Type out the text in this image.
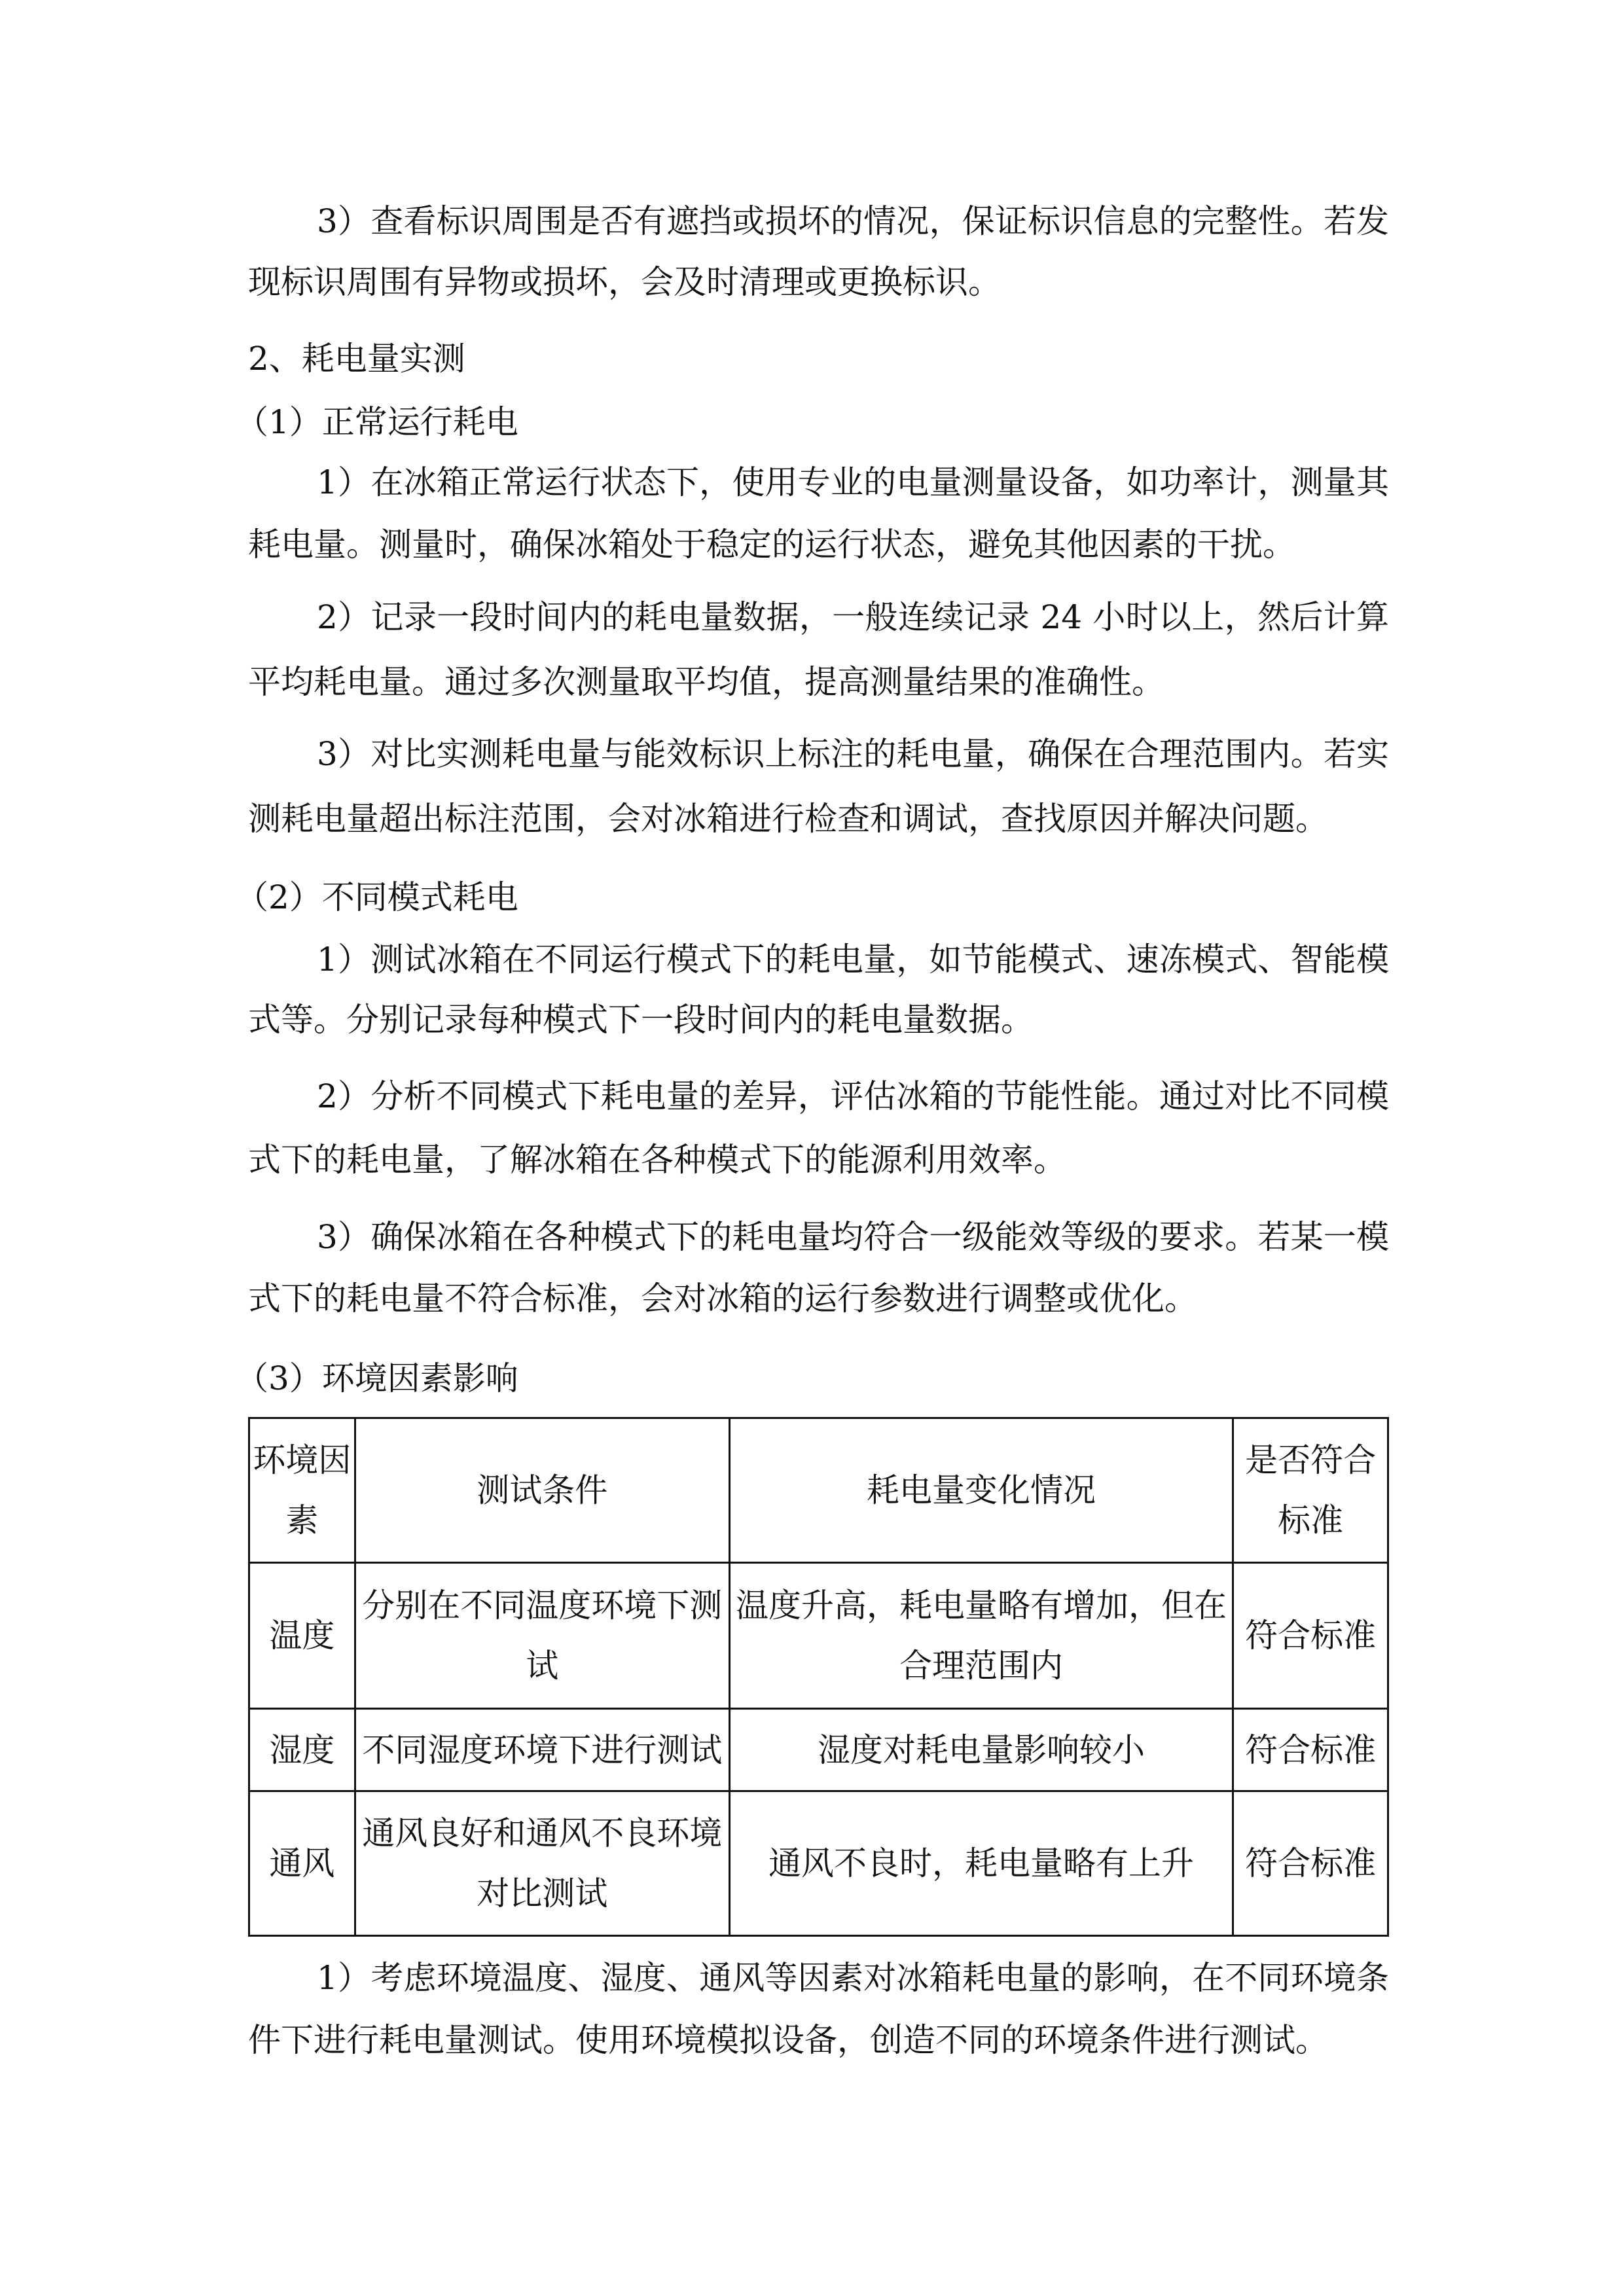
3）查看标识周围是否有遮挡或损坏的情况，保证标识信息的完整性。若发
现标识周围有异物或损坏，会及时清理或更换标识。
2、耗电量实测
（1）正常运行耗电
1）在冰箱正常运行状态下，使用专业的电量测量设备，如功率计，测量其
耗电量。测量时，确保冰箱处于稳定的运行状态，避免其他因素的干扰。
2）记录一段时间内的耗电量数据，一般连续记录 24 小时以上，然后计算
平均耗电量。通过多次测量取平均值，提高测量结果的准确性。
3）对比实测耗电量与能效标识上标注的耗电量，确保在合理范围内。若实
测耗电量超出标注范围，会对冰箱进行检查和调试，查找原因并解决问题。
（2）不同模式耗电
1）测试冰箱在不同运行模式下的耗电量，如节能模式、速冻模式、智能模
式等。分别记录每种模式下一段时间内的耗电量数据。
2）分析不同模式下耗电量的差异，评估冰箱的节能性能。通过对比不同模
式下的耗电量，了解冰箱在各种模式下的能源利用效率。
3）确保冰箱在各种模式下的耗电量均符合一级能效等级的要求。若某一模
式下的耗电量不符合标准，会对冰箱的运行参数进行调整或优化。
（3）环境因素影响
环境因素	测试条件	耗电量变化情况	是否符合标准
温度	分别在不同温度环境下测试	温度升高，耗电量略有增加，但在合理范围内	符合标准
湿度	不同湿度环境下进行测试	湿度对耗电量影响较小	符合标准
通风	通风良好和通风不良环境对比测试	通风不良时，耗电量略有上升	符合标准
1）考虑环境温度、湿度、通风等因素对冰箱耗电量的影响，在不同环境条
件下进行耗电量测试。使用环境模拟设备，创造不同的环境条件进行测试。
